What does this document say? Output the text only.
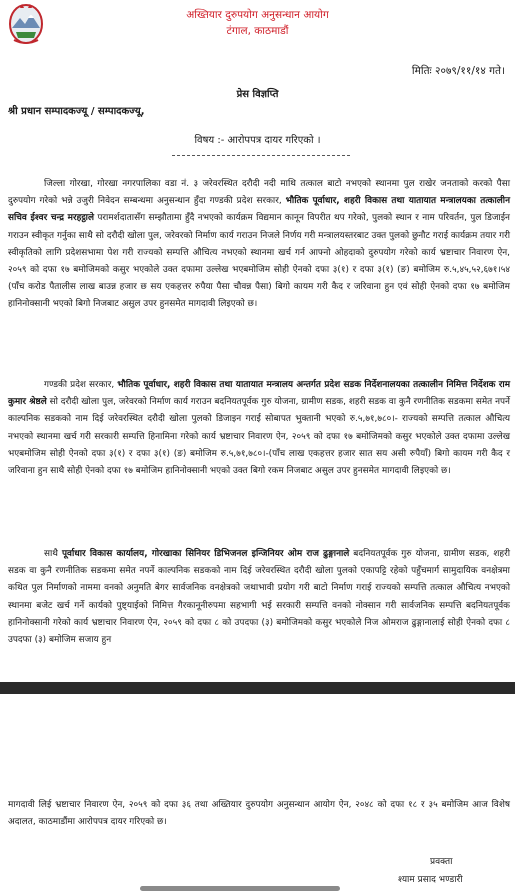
अख्तियार दुरुपयोग अनुसन्धान आयोग
टंगाल, काठमाडौं
मितिः २०७९/११/१४ गते।
प्रेस विज्ञप्ति
श्री प्रधान सम्पादकज्यू / सम्पादकज्यू,
विषय :- आरोपपत्र दायर गरिएको ।

जिल्ला गोरखा, गोरखा नगरपालिका वडा नं. ३ जरेवरस्थित दरौदी नदी माथि तत्काल बाटो नभएको स्थानमा पुल राखेर जनताको करको पैसा दुरुपयोग गरेको भन्ने उजुरी निवेदन सम्बन्धमा अनुसन्धान हुँदा गण्डकी प्रदेश सरकार, भौतिक पूर्वाधार, शहरी विकास तथा यातायात मन्त्रालयका तत्कालीन सचिव ईश्वर चन्द्र मरहट्ठाले परामर्शदातासँग सम्झौतामा हुँदै नभएको कार्यक्रम विद्यमान कानून विपरीत थप गरेको, पुलको स्थान र नाम परिवर्तन, पुल डिजाईन गराउन स्वीकृत गर्नुका साथै सो दरौदी खोला पुल, जरेवरको निर्माण कार्य गराउन निजले निर्णय गरी मन्त्रालयस्तरबाट उक्त पुलको छुनौट गराई कार्यक्रम तयार गरी स्वीकृतिको लागि प्रदेशसभामा पेश गरी राज्यको सम्पत्ति औचित्य नभएको स्थानमा खर्च गर्न आफ्नो ओहदाको दुरुपयोग गरेको कार्य भ्रष्टाचार निवारण ऐन, २०५९ को दफा १७ बमोजिमको कसुर भएकोले उक्त दफामा उल्लेख भएबमोजिम सोही ऐनको दफा ३(१) र दफा ३(१) (ङ) बमोजिम रु.५,४५,५२,६७१।५४ (पाँच करोड पैतालीस लाख बाउन्न हजार छ सय एकहत्तर रुपैया पैसा चौवन्न पैसा) बिगो कायम गरी कैद र जरिवाना हुन एवं सोही ऐनको दफा १७ बमोजिम हानिनोक्सानी भएको बिगो निजबाट असुल उपर हुनसमेत मागदावी लिइएको छ।

गण्डकी प्रदेश सरकार, भौतिक पूर्वाधार, शहरी विकास तथा यातायात मन्त्रालय अन्तर्गत प्रदेश सडक निर्देशनालयका तत्कालीन निमित्त निर्देशक राम कुमार श्रेष्ठले सो दरौदी खोला पुल, जरेवरको निर्माण कार्य गराउन बदनियतपूर्वक गुरु योजना, ग्रामीण सडक, शहरी सडक वा कुनै रणनीतिक सडकमा समेत नपर्ने काल्पनिक सडकको नाम दिई जरेवरस्थित दरौदी खोला पुलको डिजाइन गराई सोबापत भुक्तानी भएको रु.५,७१,७८०।- राज्यको सम्पत्ति तत्काल औचित्य नभएको स्थानमा खर्च गरी सरकारी सम्पत्ति हिनामिना गरेको कार्य भ्रष्टाचार निवारण ऐन, २०५९ को दफा १७ बमोजिमको कसुर भएकोले उक्त दफामा उल्लेख भएबमोजिम सोही ऐनको दफा ३(१) र दफा ३(१) (ङ) बमोजिम रु.५,७१,७८०।-(पाँच लाख एकहत्तर हजार सात सय असी रुपैयाँ) बिगो कायम गरी कैद र जरिवाना हुन साथै सोही ऐनको दफा १७ बमोजिम हानिनोक्सानी भएको उक्त बिगो रकम निजबाट असुल उपर हुनसमेत मागदावी लिइएको छ।

साथै पूर्वाधार विकास कार्यालय, गोरखाका सिनियर डिभिजनल इन्जिनियर ओम राज ढुङ्गानाले बदनियतपूर्वक गुरु योजना, ग्रामीण सडक, शहरी सडक वा कुनै रणनीतिक सडकमा समेत नपर्ने काल्पनिक सडकको नाम दिई जरेवरस्थित दरौदी खोला पुलको एकापट्टि रहेको पहुँचमार्ग सामुदायिक वनक्षेत्रमा कथित पुल निर्माणको नाममा वनको अनुमति बेगर सार्वजनिक वनक्षेत्रको जथाभावी प्रयोग गरी बाटो निर्माण गराई राज्यको सम्पत्ति तत्काल औचित्य नभएको स्थानमा बजेट खर्च गर्ने कार्यको पुष्ट्याईको निमित्त गैरकानूनीरुपमा सहभागी भई सरकारी सम्पत्ति वनको नोक्सान गरी सार्वजनिक सम्पत्ति बदनियतपूर्वक हानिनोक्सानी गरेको कार्य भ्रष्टाचार निवारण ऐन, २०५९ को दफा ८ को उपदफा (३) बमोजिमको कसुर भएकोले निज ओमराज ढुङ्गानालाई सोही ऐनको दफा ८ उपदफा (३) बमोजिम सजाय हुन

मागदावी लिई भ्रष्टाचार निवारण ऐन, २०५९ को दफा ३६ तथा अख्तियार दुरुपयोग अनुसन्धान आयोग ऐन, २०४८ को दफा १८ र ३५ बमोजिम आज विशेष अदालत, काठमाडौंमा आरोपपत्र दायर गरिएको छ।

प्रवक्ता
श्याम प्रसाद भण्डारी
